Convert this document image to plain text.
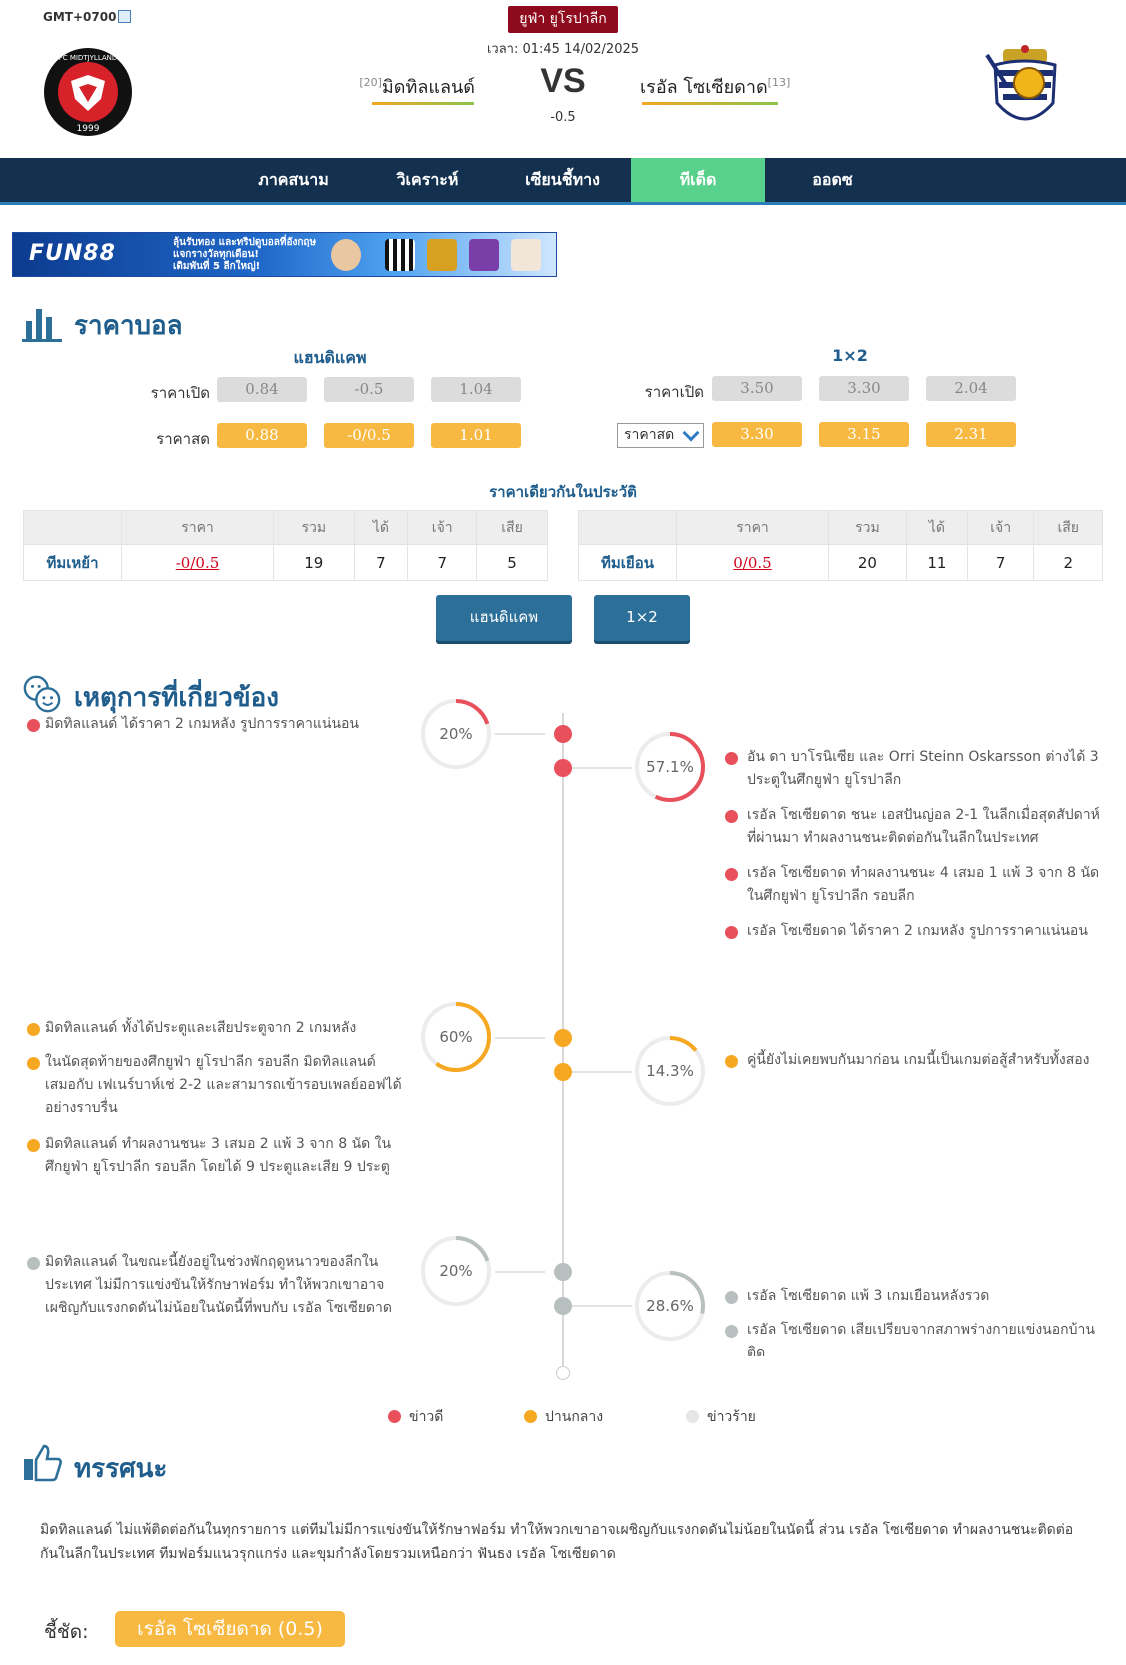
GMT+0700	ยูฟ่า ยูโรปาลีก
เวลา: 01:45 14/02/2025
1999
FC MIDTJYLLAND
[20]มิดทิลแลนด์	VS
-0.5
เรอัล โซเซียดาด[13]
ภาคสนาม	วิเคราะห์	เซียนชี้ทาง	ทีเด็ด	ออดซ
FUN88	ลุ้นรับทอง และทริปดูบอลที่อังกฤษ
แจกรางวัลทุกเดือน!
เดิมพันที่ 5 ลีกใหญ่!
ราคาบอล
แฮนดิแคพ	1×2
ราคาเปิด	0.84	-0.5	1.04
ราคาสด	0.88	-0/0.5	1.01
ราคาเปิด	3.50	3.30	2.04
ราคาสด	3.30	3.15	2.31
ราคาเดียวกันในประวัติ
	ราคา	รวม	ได้	เจ้า	เสีย
ทีมเหย้า	-0/0.5	19	7	7	5
	ราคา	รวม	ได้	เจ้า	เสีย
ทีมเยือน	0/0.5	20	11	7	2
แฮนดิแคพ	1×2
เหตุการที่เกี่ยวข้อง
20%
57.1%
มิดทิลแลนด์ ได้ราคา 2 เกมหลัง รูปการราคาแน่นอน
อัน ดา บาโรนิเซีย และ Orri Steinn Oskarsson ต่างได้ 3 ประตูในศึกยูฟ่า ยูโรปาลีก
เรอัล โซเซียดาด ชนะ เอสปันญ่อล 2-1 ในลีกเมื่อสุดสัปดาห์ที่ผ่านมา ทำผลงานชนะติดต่อกันในลีกในประเทศ
เรอัล โซเซียดาด ทำผลงานชนะ 4 เสมอ 1 แพ้ 3 จาก 8 นัดในศึกยูฟ่า ยูโรปาลีก รอบลีก
เรอัล โซเซียดาด ได้ราคา 2 เกมหลัง รูปการราคาแน่นอน
60%
14.3%
มิดทิลแลนด์ ทั้งได้ประตูและเสียประตูจาก 2 เกมหลัง
ในนัดสุดท้ายของศึกยูฟ่า ยูโรปาลีก รอบลีก มิดทิลแลนด์ เสมอกับ เฟเนร์บาห์เช่ 2-2 และสามารถเข้ารอบเพลย์ออฟได้อย่างราบรื่น
มิดทิลแลนด์ ทำผลงานชนะ 3 เสมอ 2 แพ้ 3 จาก 8 นัด ในศึกยูฟ่า ยูโรปาลีก รอบลีก โดยได้ 9 ประตูและเสีย 9 ประตู
คู่นี้ยังไม่เคยพบกันมาก่อน เกมนี้เป็นเกมต่อสู้สำหรับทั้งสอง
20%
28.6%
มิดทิลแลนด์ ในขณะนี้ยังอยู่ในช่วงพักฤดูหนาวของลีกในประเทศ ไม่มีการแข่งขันให้รักษาฟอร์ม ทำให้พวกเขาอาจเผชิญกับแรงกดดันไม่น้อยในนัดนี้ที่พบกับ เรอัล โซเซียดาด
เรอัล โซเซียดาด แพ้ 3 เกมเยือนหลังรวด
เรอัล โซเซียดาด เสียเปรียบจากสภาพร่างกายแข่งนอกบ้านติด
ข่าวดี	ปานกลาง	ข่าวร้าย
ทรรศนะ
มิดทิลแลนด์ ไม่แพ้ติดต่อกันในทุกรายการ แต่ทีมไม่มีการแข่งขันให้รักษาฟอร์ม ทำให้พวกเขาอาจเผชิญกับแรงกดดันไม่น้อยในนัดนี้ ส่วน เรอัล โซเซียดาด ทำผลงานชนะติดต่อกันในลีกในประเทศ ทีมฟอร์มแนวรุกแกร่ง และขุมกำลังโดยรวมเหนือกว่า ฟันธง เรอัล โซเซียดาด
ชี้ชัด:	เรอัล โซเซียดาด (0.5)
